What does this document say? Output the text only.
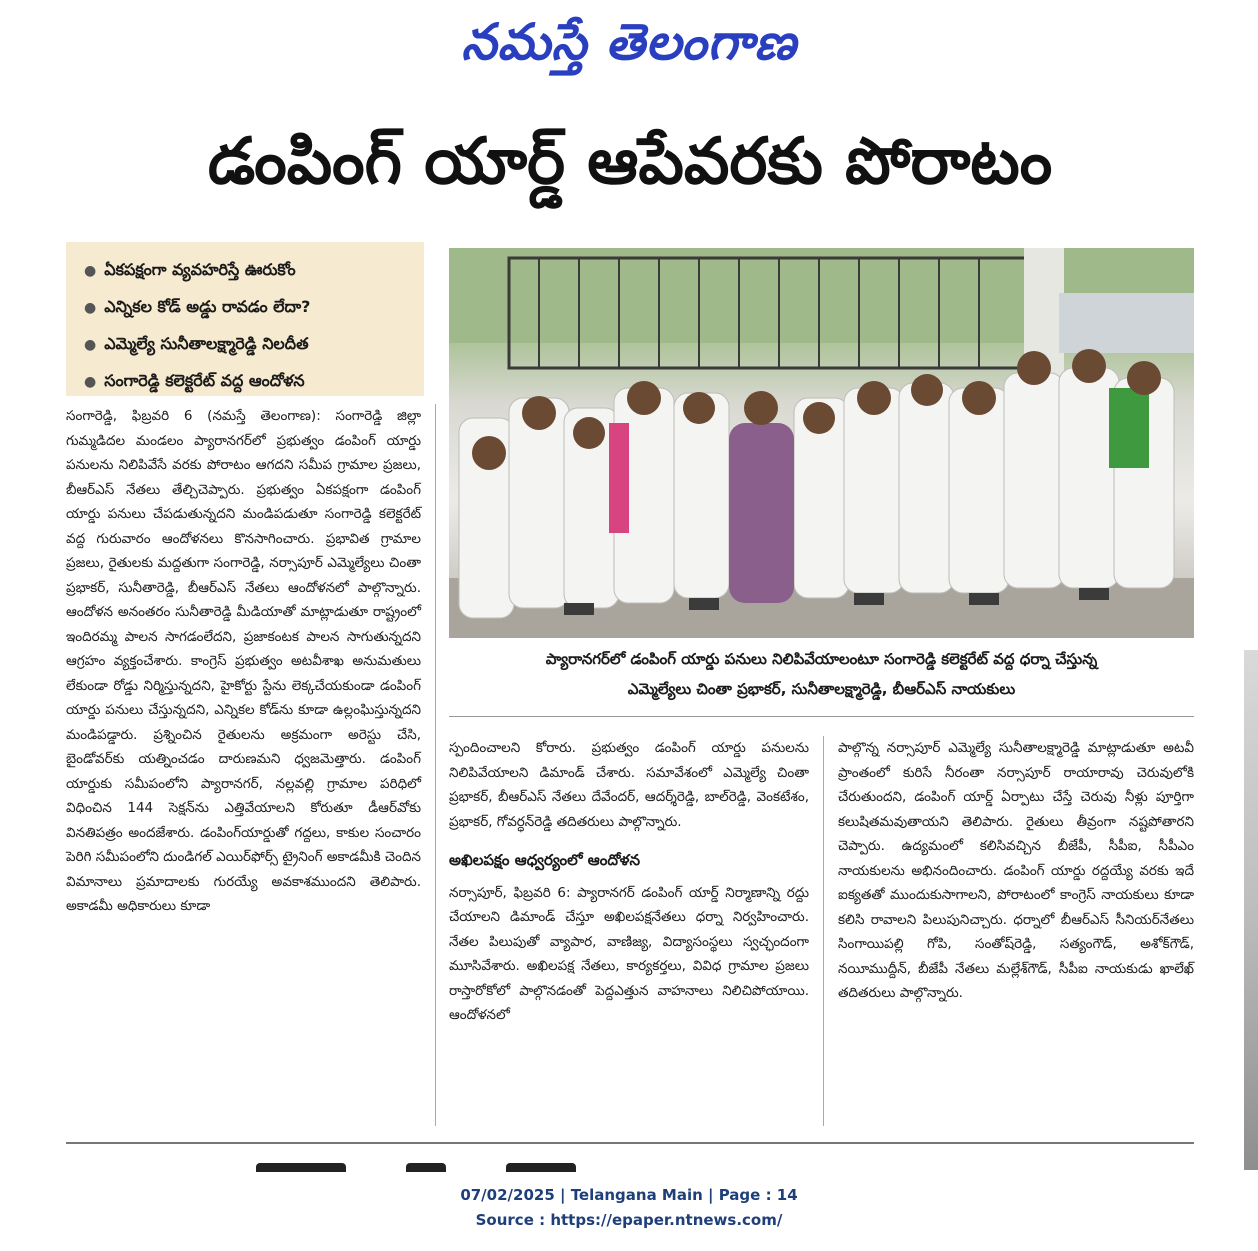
నమస్తే తెలంగాణ
డంపింగ్ యార్డ్ ఆపేవరకు పోరాటం
● ఏకపక్షంగా వ్యవహరిస్తే ఊరుకోం
● ఎన్నికల కోడ్ అడ్డు రావడం లేదా?
● ఎమ్మెల్యే సునీతాలక్ష్మారెడ్డి నిలదీత
● సంగారెడ్డి కలెక్టరేట్ వద్ద ఆందోళన
ప్యారానగర్‌లో డంపింగ్ యార్డు పనులు నిలిపివేయాలంటూ సంగారెడ్డి కలెక్టరేట్ వద్ద ధర్నా చేస్తున్న
ఎమ్మెల్యేలు చింతా ప్రభాకర్, సునీతాలక్ష్మారెడ్డి, బీఆర్‌ఎస్ నాయకులు

సంగారెడ్డి, ఫిబ్రవరి 6 (నమస్తే తెలంగాణ): సంగారెడ్డి జిల్లా గుమ్మడిదల మండలం ప్యారానగర్‌లో ప్రభుత్వం డంపింగ్ యార్డు పనులను నిలిపివేసే వరకు పోరాటం ఆగదని సమీప గ్రామాల ప్రజలు, బీఆర్‌ఎస్ నేతలు తేల్చిచెప్పారు. ప్రభుత్వం ఏకపక్షంగా డంపింగ్ యార్డు పనులు చేపడుతున్నదని మండిపడుతూ సంగారెడ్డి కలెక్టరేట్ వద్ద గురువారం ఆందోళనలు కొనసాగించారు. ప్రభావిత గ్రామాల ప్రజలు, రైతులకు మద్దతుగా సంగారెడ్డి, నర్సాపూర్ ఎమ్మెల్యేలు చింతా ప్రభాకర్, సునీతారెడ్డి, బీఆర్‌ఎస్ నేతలు ఆందోళనలో పాల్గొన్నారు. ఆందోళన అనంతరం సునీతారెడ్డి మీడియాతో మాట్లాడుతూ రాష్ట్రంలో ఇందిరమ్మ పాలన సాగడంలేదని, ప్రజాకంటక పాలన సాగుతున్నదని ఆగ్రహం వ్యక్తంచేశారు. కాంగ్రెస్ ప్రభుత్వం అటవీశాఖ అనుమతులు లేకుండా రోడ్డు నిర్మిస్తున్నదని, హైకోర్టు స్టేను లెక్కచేయకుండా డంపింగ్ యార్డు పనులు చేస్తున్నదని, ఎన్నికల కోడ్‌ను కూడా ఉల్లంఘిస్తున్నదని మండిపడ్డారు. ప్రశ్నించిన రైతులను అక్రమంగా అరెస్టు చేసి, బైండోవర్‌కు యత్నించడం దారుణమని ధ్వజమెత్తారు. డంపింగ్ యార్డుకు సమీపంలోని ప్యారానగర్, నల్లవల్లి గ్రామాల పరిధిలో విధించిన 144 సెక్షన్‌ను ఎత్తివేయాలని కోరుతూ డీఆర్‌వోకు వినతిపత్రం అందజేశారు. డంపింగ్‌యార్డుతో గద్దలు, కాకుల సంచారం పెరిగి సమీపంలోని దుండిగల్ ఎయిర్‌ఫోర్స్ ట్రైనింగ్ అకాడమీకి చెందిన విమానాలు ప్రమాదాలకు గురయ్యే అవకాశముందని తెలిపారు. అకాడమీ అధికారులు కూడా

స్పందించాలని కోరారు. ప్రభుత్వం డంపింగ్ యార్డు పనులను నిలిపివేయాలని డిమాండ్ చేశారు. సమావేశంలో ఎమ్మెల్యే చింతా ప్రభాకర్, బీఆర్‌ఎస్ నేతలు దేవేందర్, ఆదర్శ్‌రెడ్డి, బాల్‌రెడ్డి, వెంకటేశం, ప్రభాకర్, గోవర్ధన్‌రెడ్డి తదితరులు పాల్గొన్నారు.

అఖిలపక్షం ఆధ్వర్యంలో ఆందోళన

నర్సాపూర్, ఫిబ్రవరి 6: ప్యారానగర్ డంపింగ్ యార్డ్ నిర్మాణాన్ని రద్దు చేయాలని డిమాండ్ చేస్తూ అఖిలపక్షనేతలు ధర్నా నిర్వహించారు. నేతల పిలుపుతో వ్యాపార, వాణిజ్య, విద్యాసంస్థలు స్వచ్ఛందంగా మూసివేశారు. అఖిలపక్ష నేతలు, కార్యకర్తలు, వివిధ గ్రామాల ప్రజలు రాస్తారోకోలో పాల్గొనడంతో పెద్దఎత్తున వాహనాలు నిలిచిపోయాయి. ఆందోళనలో

పాల్గొన్న నర్సాపూర్ ఎమ్మెల్యే సునీతాలక్ష్మారెడ్డి మాట్లాడుతూ అటవీ ప్రాంతంలో కురిసే నీరంతా నర్సాపూర్ రాయారావు చెరువులోకి చేరుతుందని, డంపింగ్ యార్డ్ ఏర్పాటు చేస్తే చెరువు నీళ్లు పూర్తిగా కలుషితమవుతాయని తెలిపారు. రైతులు తీవ్రంగా నష్టపోతారని చెప్పారు. ఉద్యమంలో కలిసివచ్చిన బీజేపీ, సీపీఐ, సీపీఎం నాయకులను అభినందించారు. డంపింగ్ యార్డు రద్దయ్యే వరకు ఇదే ఐక్యతతో ముందుకుసాగాలని, పోరాటంలో కాంగ్రెస్ నాయకులు కూడా కలిసి రావాలని పిలుపునిచ్చారు. ధర్నాలో బీఆర్‌ఎస్ సీనియర్‌నేతలు సింగాయిపల్లి గోపి, సంతోష్‌రెడ్డి, సత్యంగౌడ్, అశోక్‌గౌడ్, నయీముద్దీన్, బీజేపీ నేతలు మల్లేశ్‌గౌడ్, సీపీఐ నాయకుడు ఖాలేఖ్ తదితరులు పాల్గొన్నారు.

07/02/2025 | Telangana Main | Page : 14
Source : https://epaper.ntnews.com/
